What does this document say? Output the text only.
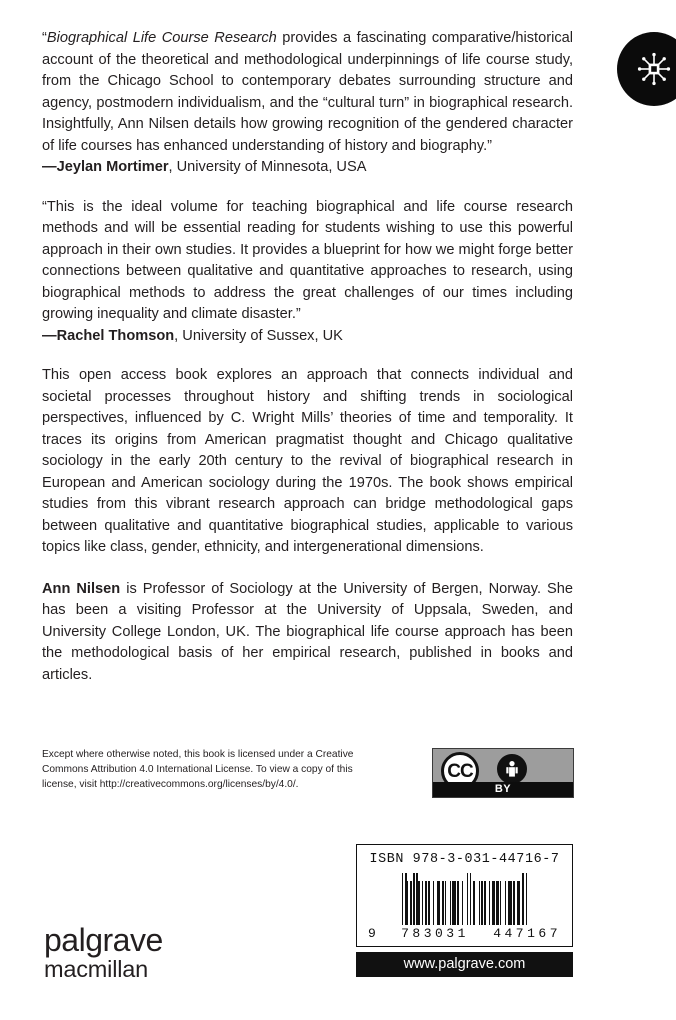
“Biographical Life Course Research provides a fascinating comparative/historical account of the theoretical and methodological underpinnings of life course study, from the Chicago School to contemporary debates surrounding structure and agency, postmodern individualism, and the “cultural turn” in biographical research. Insightfully, Ann Nilsen details how growing recognition of the gendered character of life courses has enhanced understanding of history and biography.”

—Jeylan Mortimer, University of Minnesota, USA

“This is the ideal volume for teaching biographical and life course research methods and will be essential reading for students wishing to use this powerful approach in their own studies. It provides a blueprint for how we might forge better connections between qualitative and quantitative approaches to research, using biographical methods to address the great challenges of our times including growing inequality and climate disaster.”

—Rachel Thomson, University of Sussex, UK

This open access book explores an approach that connects individual and societal processes throughout history and shifting trends in sociological perspectives, influenced by C. Wright Mills’ theories of time and temporality. It traces its origins from American pragmatist thought and Chicago qualitative sociology in the early 20th century to the revival of biographical research in European and American sociology during the 1970s. The book shows empirical studies from this vibrant research approach can bridge methodological gaps between qualitative and quantitative biographical studies, applicable to various topics like class, gender, ethnicity, and intergenerational dimensions.

Ann Nilsen is Professor of Sociology at the University of Bergen, Norway. She has been a visiting Professor at the University of Uppsala, Sweden, and University College London, UK. The biographical life course approach has been the methodological basis of her empirical research, published in books and articles.

Except where otherwise noted, this book is licensed under a Creative Commons Attribution 4.0 International License. To view a copy of this license, visit http://creativecommons.org/licenses/by/4.0/.

CC
BY
ISBN 978-3-031-44716-7
9 783031 447167
www.palgrave.com
palgrave
macmillan
